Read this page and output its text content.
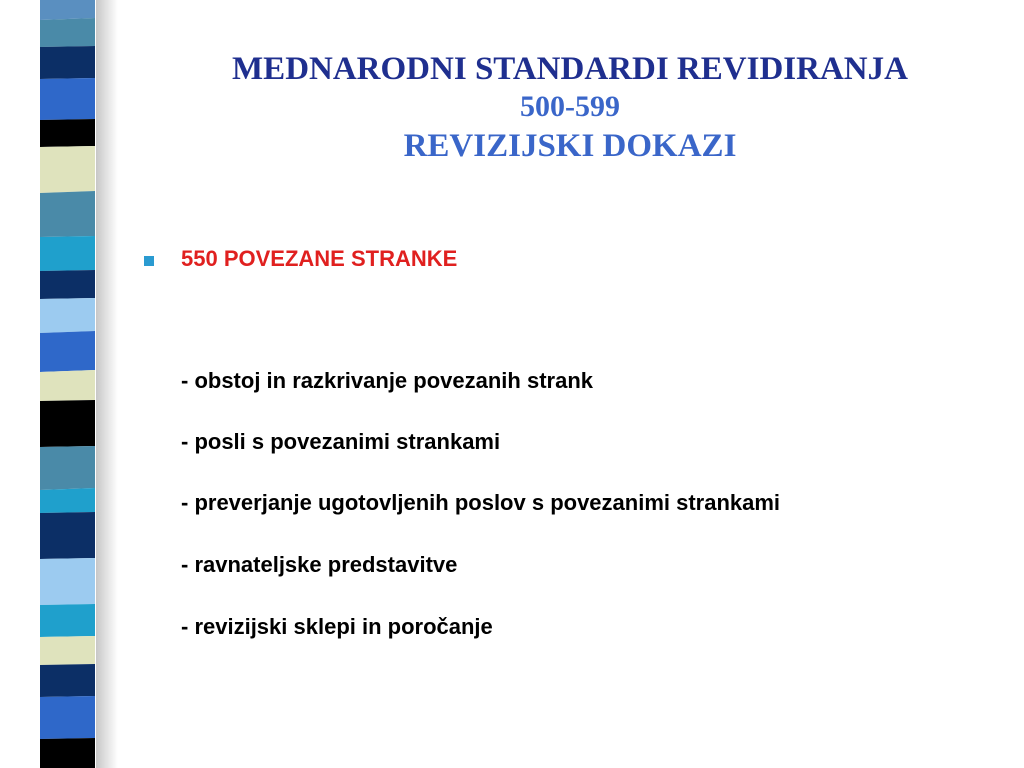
MEDNARODNI STANDARDI REVIDIRANJA
500-599
REVIZIJSKI DOKAZI
550 POVEZANE STRANKE
- obstoj in razkrivanje povezanih strank
- posli s povezanimi strankami
- preverjanje ugotovljenih poslov s povezanimi strankami
- ravnateljske predstavitve
- revizijski sklepi in poročanje
